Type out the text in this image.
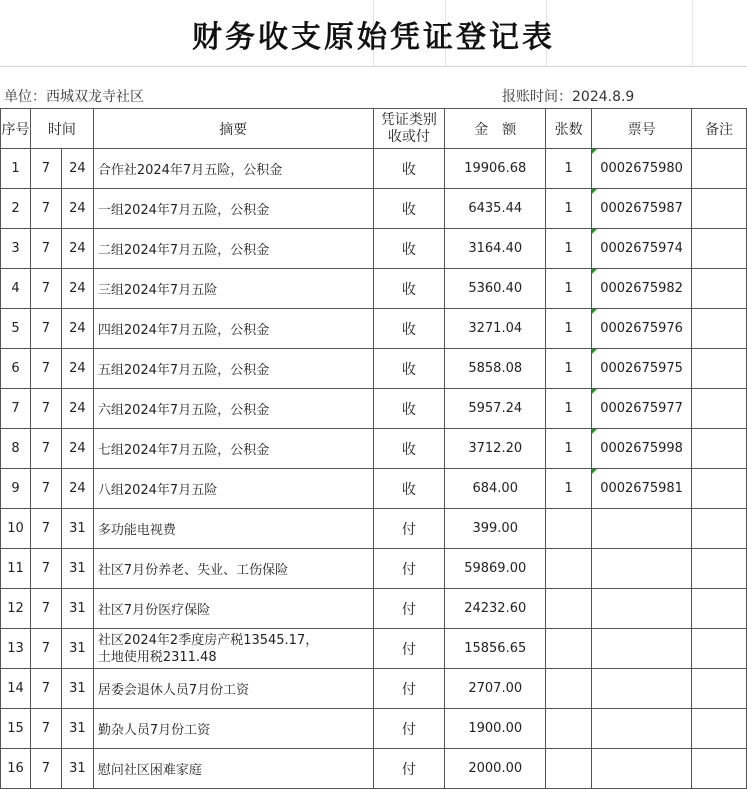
财务收支原始凭证登记表
单位：西城双龙寺社区	报账时间：2024.8.9
序号	时间		摘要	凭证类别
收或付	金　额	张数	票号	备注
1	7	24	合作社2024年7月五险，公积金	收	19906.68	1	0002675980	
2	7	24	一组2024年7月五险，公积金	收	6435.44	1	0002675987	
3	7	24	二组2024年7月五险，公积金	收	3164.40	1	0002675974	
4	7	24	三组2024年7月五险	收	5360.40	1	0002675982	
5	7	24	四组2024年7月五险，公积金	收	3271.04	1	0002675976	
6	7	24	五组2024年7月五险，公积金	收	5858.08	1	0002675975	
7	7	24	六组2024年7月五险，公积金	收	5957.24	1	0002675977	
8	7	24	七组2024年7月五险，公积金	收	3712.20	1	0002675998	
9	7	24	八组2024年7月五险	收	684.00	1	0002675981	
10	7	31	多功能电视费	付	399.00			
11	7	31	社区7月份养老、失业、工伤保险	付	59869.00			
12	7	31	社区7月份医疗保险	付	24232.60			
13	7	31	社区2024年2季度房产税13545.17，
土地使用税2311.48	付	15856.65			
14	7	31	居委会退休人员7月份工资	付	2707.00			
15	7	31	勤杂人员7月份工资	付	1900.00			
16	7	31	慰问社区困难家庭	付	2000.00			
